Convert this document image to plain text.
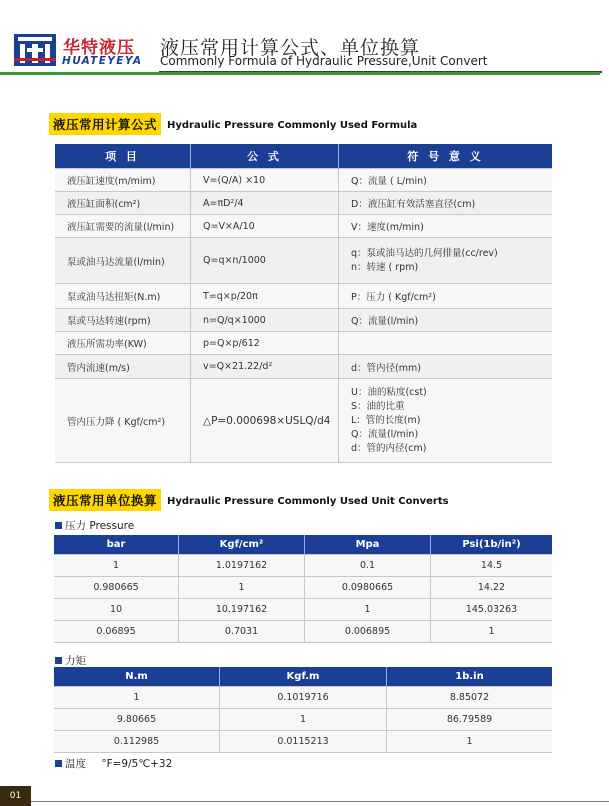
华特液压
HUATEYEYA
液压常用计算公式、单位换算
Commonly Formula of Hydraulic Pressure,Unit Convert
液压常用计算公式 Hydraulic Pressure Commonly Used Formula
项 目	公 式	符 号 意 义
液压缸速度(m/mim)	V=(Q/A) ×10	Q：流量 ( L/min)
液压缸面积(cm²)	A=πD²/4	D：液压缸有效活塞直径(cm)
液压缸需要的流量(l/min)	Q=V×A/10	V：速度(m/min)
泵或油马达流量(l/min)	Q=q×n/1000	q：泵或油马达的几何排量(cc/rev)
n：转速 ( rpm)

泵或油马达扭矩(N.m)	T=q×p/20π	P：压力 ( Kgf/cm²)
泵或马达转速(rpm)	n=Q/q×1000	Q：流量(l/min)
液压所需功率(KW)	p=Q×p/612	
管内流速(m/s)	v=Q×21.22/d²	d：管内径(mm)
管内压力降 ( Kgf/cm²)	△P=0.000698×USLQ/d4	U：油的粘度(cst)
S：油的比重
L：管的长度(m)
Q：流量(l/min)
d：管的内径(cm)
液压常用单位换算 Hydraulic Pressure Commonly Used Unit Converts
压力 Pressure
bar	Kgf/cm²	Mpa	Psi(1b/in²)
1	1.0197162	0.1	14.5
0.980665	1	0.0980665	14.22
10	10.197162	1	145.03263
0.06895	0.7031	0.006895	1
力矩
N.m	Kgf.m	1b.in
1	0.1019716	8.85072
9.80665	1	86.79589
0.112985	0.0115213	1
温度 °F=9/5℃+32
01
